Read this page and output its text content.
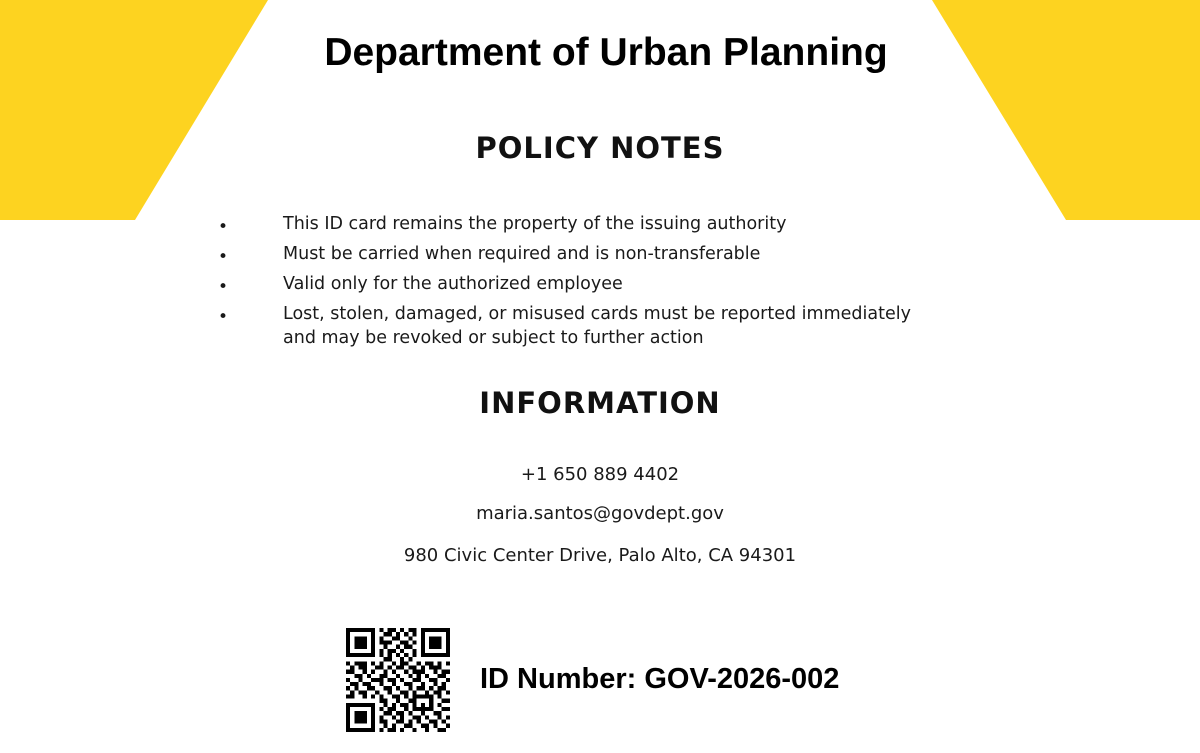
Department of Urban Planning
POLICY NOTES
•	This ID card remains the property of the issuing authority
•	Must be carried when required and is non-transferable
•	Valid only for the authorized employee
•	Lost, stolen, damaged, or misused cards must be reported immediately and may be revoked or subject to further action
INFORMATION

+1 650 889 4402

maria.santos@govdept.gov

980 Civic Center Drive, Palo Alto, CA 94301

ID Number: GOV-2026-002
